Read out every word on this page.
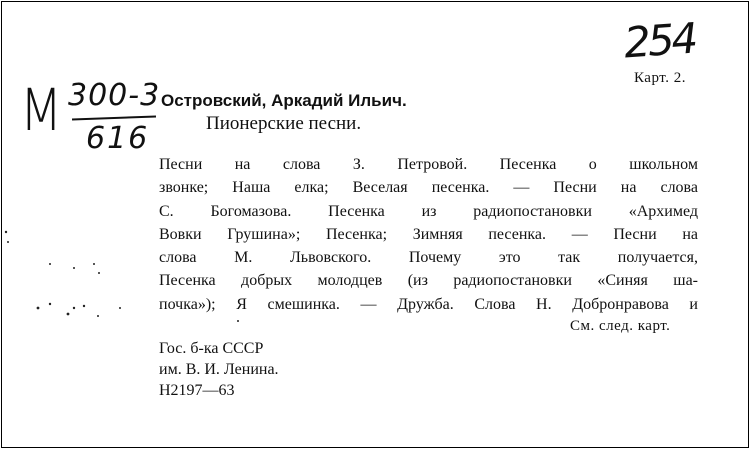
254
Карт. 2.
М 300-3
616
Островский, Аркадий Ильич.
Пионерские песни.
Песни на слова З. Петровой. Песенка о школьном
звонке; Наша елка; Веселая песенка. — Песни на слова
С. Богомазова. Песенка из радиопостановки «Архимед
Вовки Грушина»; Песенка; Зимняя песенка. — Песни на
слова М. Львовского. Почему это так получается,
Песенка добрых молодцев (из радиопостановки «Синяя ша-
почка»); Я смешинка. — Дружба. Слова Н. Добронравова и
См. след. карт.
Гос. б-ка СССР
им. В. И. Ленина.
Н2197—63
